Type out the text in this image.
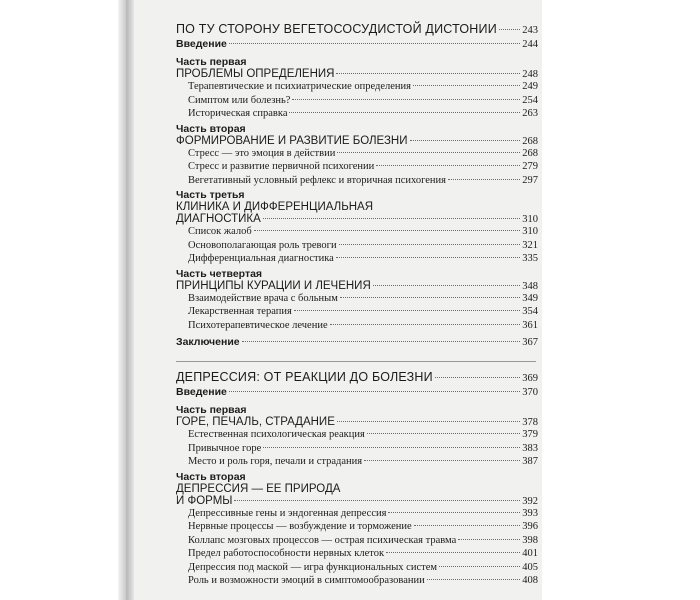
ПО ТУ СТОРОНУ ВЕГЕТОСОСУДИСТОЙ ДИСТОНИИ 243
Введение	244
Часть первая
ПРОБЛЕМЫ ОПРЕДЕЛЕНИЯ	248
Терапевтические и психиатрические определения	249
Симптом или болезнь?	254
Историческая справка	263
Часть вторая
ФОРМИРОВАНИЕ И РАЗВИТИЕ БОЛЕЗНИ	268
Стресс — это эмоция в действии	268
Стресс и развитие первичной психогении	279
Вегетативный условный рефлекс и вторичная психогения	297
Часть третья
КЛИНИКА И ДИФФЕРЕНЦИАЛЬНАЯ
ДИАГНОСТИКА	310
Список жалоб	310
Основополагающая роль тревоги	321
Дифференциальная диагностика	335
Часть четвертая
ПРИНЦИПЫ КУРАЦИИ И ЛЕЧЕНИЯ	348
Взаимодействие врача с больным	349
Лекарственная терапия	354
Психотерапевтическое лечение	361
Заключение	367
ДЕПРЕССИЯ: ОТ РЕАКЦИИ ДО БОЛЕЗНИ	369
Введение	370
Часть первая
ГОРЕ, ПЕЧАЛЬ, СТРАДАНИЕ	378
Естественная психологическая реакция	379
Привычное горе	383
Место и роль горя, печали и страдания	387
Часть вторая
ДЕПРЕССИЯ — ЕЕ ПРИРОДА
И ФОРМЫ	392
Депрессивные гены и эндогенная депрессия	393
Нервные процессы — возбуждение и торможение	396
Коллапс мозговых процессов — острая психическая травма	398
Предел работоспособности нервных клеток	401
Депрессия под маской — игра функциональных систем	405
Роль и возможности эмоций в симптомообразовании	408
